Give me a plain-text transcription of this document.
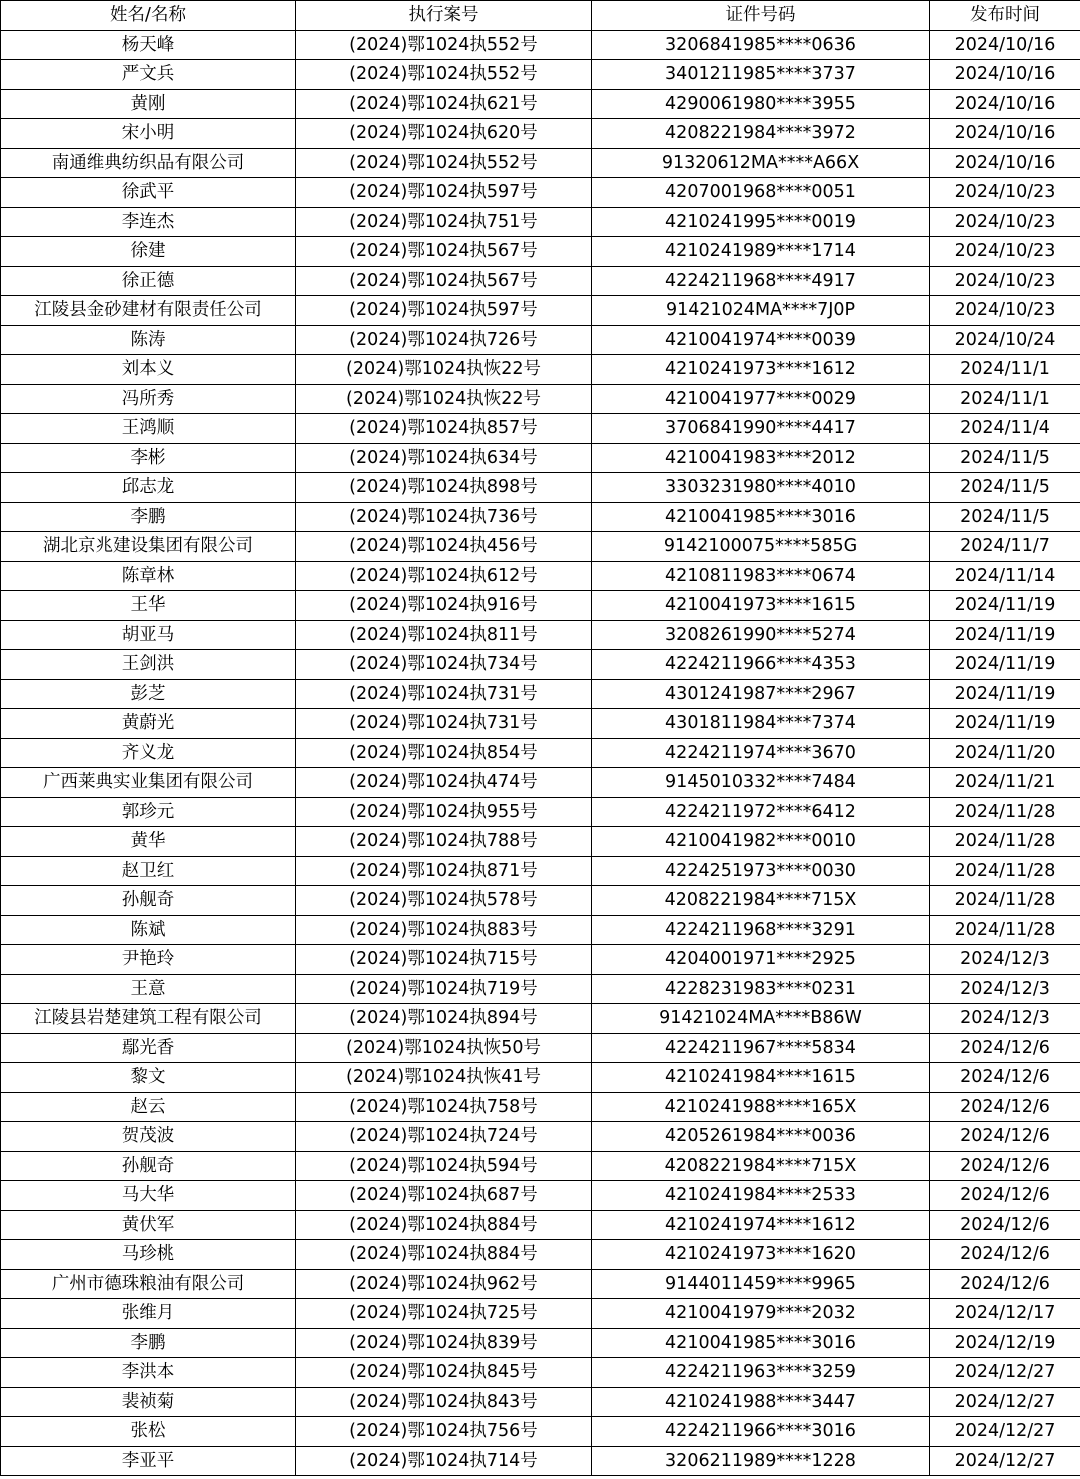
姓名/名称	执行案号	证件号码	发布时间
杨天峰	(2024)鄂1024执552号	3206841985****0636	2024/10/16
严文兵	(2024)鄂1024执552号	3401211985****3737	2024/10/16
黄刚	(2024)鄂1024执621号	4290061980****3955	2024/10/16
宋小明	(2024)鄂1024执620号	4208221984****3972	2024/10/16
南通维典纺织品有限公司	(2024)鄂1024执552号	91320612MA****A66X	2024/10/16
徐武平	(2024)鄂1024执597号	4207001968****0051	2024/10/23
李连杰	(2024)鄂1024执751号	4210241995****0019	2024/10/23
徐建	(2024)鄂1024执567号	4210241989****1714	2024/10/23
徐正德	(2024)鄂1024执567号	4224211968****4917	2024/10/23
江陵县金砂建材有限责任公司	(2024)鄂1024执597号	91421024MA****7J0P	2024/10/23
陈涛	(2024)鄂1024执726号	4210041974****0039	2024/10/24
刘本义	(2024)鄂1024执恢22号	4210241973****1612	2024/11/1
冯所秀	(2024)鄂1024执恢22号	4210041977****0029	2024/11/1
王鸿顺	(2024)鄂1024执857号	3706841990****4417	2024/11/4
李彬	(2024)鄂1024执634号	4210041983****2012	2024/11/5
邱志龙	(2024)鄂1024执898号	3303231980****4010	2024/11/5
李鹏	(2024)鄂1024执736号	4210041985****3016	2024/11/5
湖北京兆建设集团有限公司	(2024)鄂1024执456号	9142100075****585G	2024/11/7
陈章林	(2024)鄂1024执612号	4210811983****0674	2024/11/14
王华	(2024)鄂1024执916号	4210041973****1615	2024/11/19
胡亚马	(2024)鄂1024执811号	3208261990****5274	2024/11/19
王剑洪	(2024)鄂1024执734号	4224211966****4353	2024/11/19
彭芝	(2024)鄂1024执731号	4301241987****2967	2024/11/19
黄蔚光	(2024)鄂1024执731号	4301811984****7374	2024/11/19
齐义龙	(2024)鄂1024执854号	4224211974****3670	2024/11/20
广西莱典实业集团有限公司	(2024)鄂1024执474号	9145010332****7484	2024/11/21
郭珍元	(2024)鄂1024执955号	4224211972****6412	2024/11/28
黄华	(2024)鄂1024执788号	4210041982****0010	2024/11/28
赵卫红	(2024)鄂1024执871号	4224251973****0030	2024/11/28
孙舰奇	(2024)鄂1024执578号	4208221984****715X	2024/11/28
陈斌	(2024)鄂1024执883号	4224211968****3291	2024/11/28
尹艳玲	(2024)鄂1024执715号	4204001971****2925	2024/12/3
王意	(2024)鄂1024执719号	4228231983****0231	2024/12/3
江陵县岩楚建筑工程有限公司	(2024)鄂1024执894号	91421024MA****B86W	2024/12/3
鄢光香	(2024)鄂1024执恢50号	4224211967****5834	2024/12/6
黎文	(2024)鄂1024执恢41号	4210241984****1615	2024/12/6
赵云	(2024)鄂1024执758号	4210241988****165X	2024/12/6
贺茂波	(2024)鄂1024执724号	4205261984****0036	2024/12/6
孙舰奇	(2024)鄂1024执594号	4208221984****715X	2024/12/6
马大华	(2024)鄂1024执687号	4210241984****2533	2024/12/6
黄伏军	(2024)鄂1024执884号	4210241974****1612	2024/12/6
马珍桃	(2024)鄂1024执884号	4210241973****1620	2024/12/6
广州市德珠粮油有限公司	(2024)鄂1024执962号	9144011459****9965	2024/12/6
张维月	(2024)鄂1024执725号	4210041979****2032	2024/12/17
李鹏	(2024)鄂1024执839号	4210041985****3016	2024/12/19
李洪本	(2024)鄂1024执845号	4224211963****3259	2024/12/27
裴祯菊	(2024)鄂1024执843号	4210241988****3447	2024/12/27
张松	(2024)鄂1024执756号	4224211966****3016	2024/12/27
李亚平	(2024)鄂1024执714号	3206211989****1228	2024/12/27
